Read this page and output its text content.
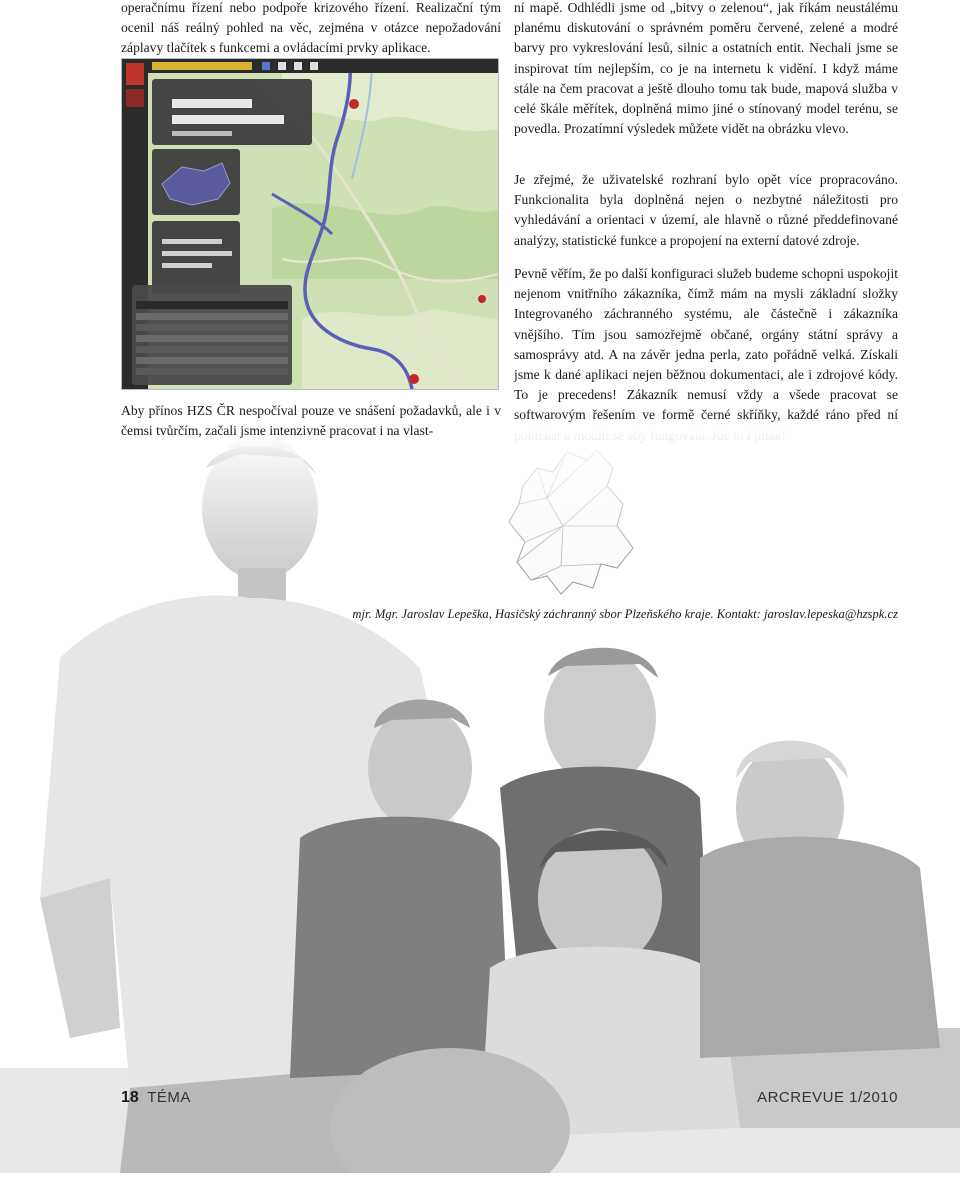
operačnímu řízení nebo podpoře krizového řízení. Realizační tým ocenil náš reálný pohled na věc, zejména v otázce nepožadování záplavy tlačítek s funkcemi a ovládacími prvky aplikace.

ní mapě. Odhlédli jsme od „bitvy o zelenou“, jak říkám neustálému planému diskutování o správném poměru červené, zelené a modré barvy pro vykreslování lesů, silnic a ostatních entit. Nechali jsme se inspirovat tím nejlepším, co je na internetu k vidění. I když máme stále na čem pracovat a ještě dlouho tomu tak bude, mapová služba v celé škále měřítek, doplněná mimo jiné o stínovaný model terénu, se povedla. Prozatímní výsledek můžete vidět na obrázku vlevo.

Je zřejmé, že uživatelské rozhraní bylo opět více propracováno. Funkcionalita byla doplněná nejen o nezbytné náležitosti pro vyhledávání a orientaci v území, ale hlavně o různé předdefinované analýzy, statistické funkce a propojení na externí datové zdroje.

Pevně věřím, že po další konfiguraci služeb budeme schopni uspokojit nejenom vnitřního zákazníka, čímž mám na mysli základní složky Integrovaného záchranného systému, ale částečně i zákazníka vnějšího. Tím jsou samozřejmě občané, orgány státní správy a samosprávy atd. A na závěr jedna perla, zato pořádně velká. Získali jsme k dané aplikaci nejen běžnou dokumentaci, ale i zdrojové kódy. To je precedens! Zákazník nemusí vždy a všede pracovat se softwarovým řešením ve formě černé skříňky, každé ráno před ní

Aby přínos HZS ČR nespočíval pouze ve snášení požadavků, ale i v čemsi tvůrčím, začali jsme intenzivně pracovat i na vlast-

mjr. Mgr. Jaroslav Lepeška, Hasičský záchranný sbor Plzeňského kraje. Kontakt: jaroslav.lepeska@hzspk.cz

18 TÉMA	ARCREVUE 1/2010
